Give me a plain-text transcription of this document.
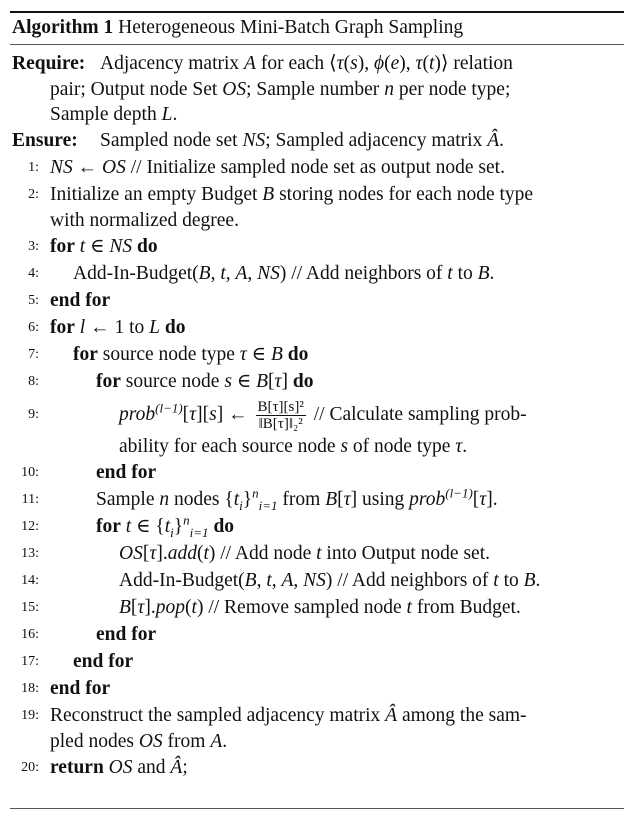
Algorithm 1 Heterogeneous Mini-Batch Graph Sampling
Require: Adjacency matrix A for each ⟨τ(s), ϕ(e), τ(t)⟩ relation
pair; Output node Set OS; Sample number n per node type;
Sample depth L.
Ensure: Sampled node set NS; Sampled adjacency matrix Â.
1: NS ← OS // Initialize sampled node set as output node set.
2: Initialize an empty Budget B storing nodes for each node type
with normalized degree.
3: for t ∈ NS do
4: Add-In-Budget(B, t, A, NS) // Add neighbors of t to B.
5: end for
6: for l ← 1 to L do
7: for source node type τ ∈ B do
8:	for source node s ∈ B[τ] do
9:	prob$^{(l-1)}$[τ][s] ← $\frac{\text{B[τ][s]²}}{\text{‖B[τ]‖₂²}}$ // Calculate sampling prob-
ability for each source node s of node type τ.
10:	end for
11:	Sample n nodes $\{t_i\}^n_{i=1}$ from B[τ] using prob$^{(l-1)}$[τ].
12:	for t ∈ $\{t_i\}^n_{i=1}$ do
13:	OS[τ].add(t) // Add node t into Output node set.
14:	Add-In-Budget(B, t, A, NS) // Add neighbors of t to B.
15:	B[τ].pop(t) // Remove sampled node t from Budget.
16:	end for
17: end for
18: end for
19: Reconstruct the sampled adjacency matrix Â among the sam-
pled nodes OS from A.
20: return OS and Â;
